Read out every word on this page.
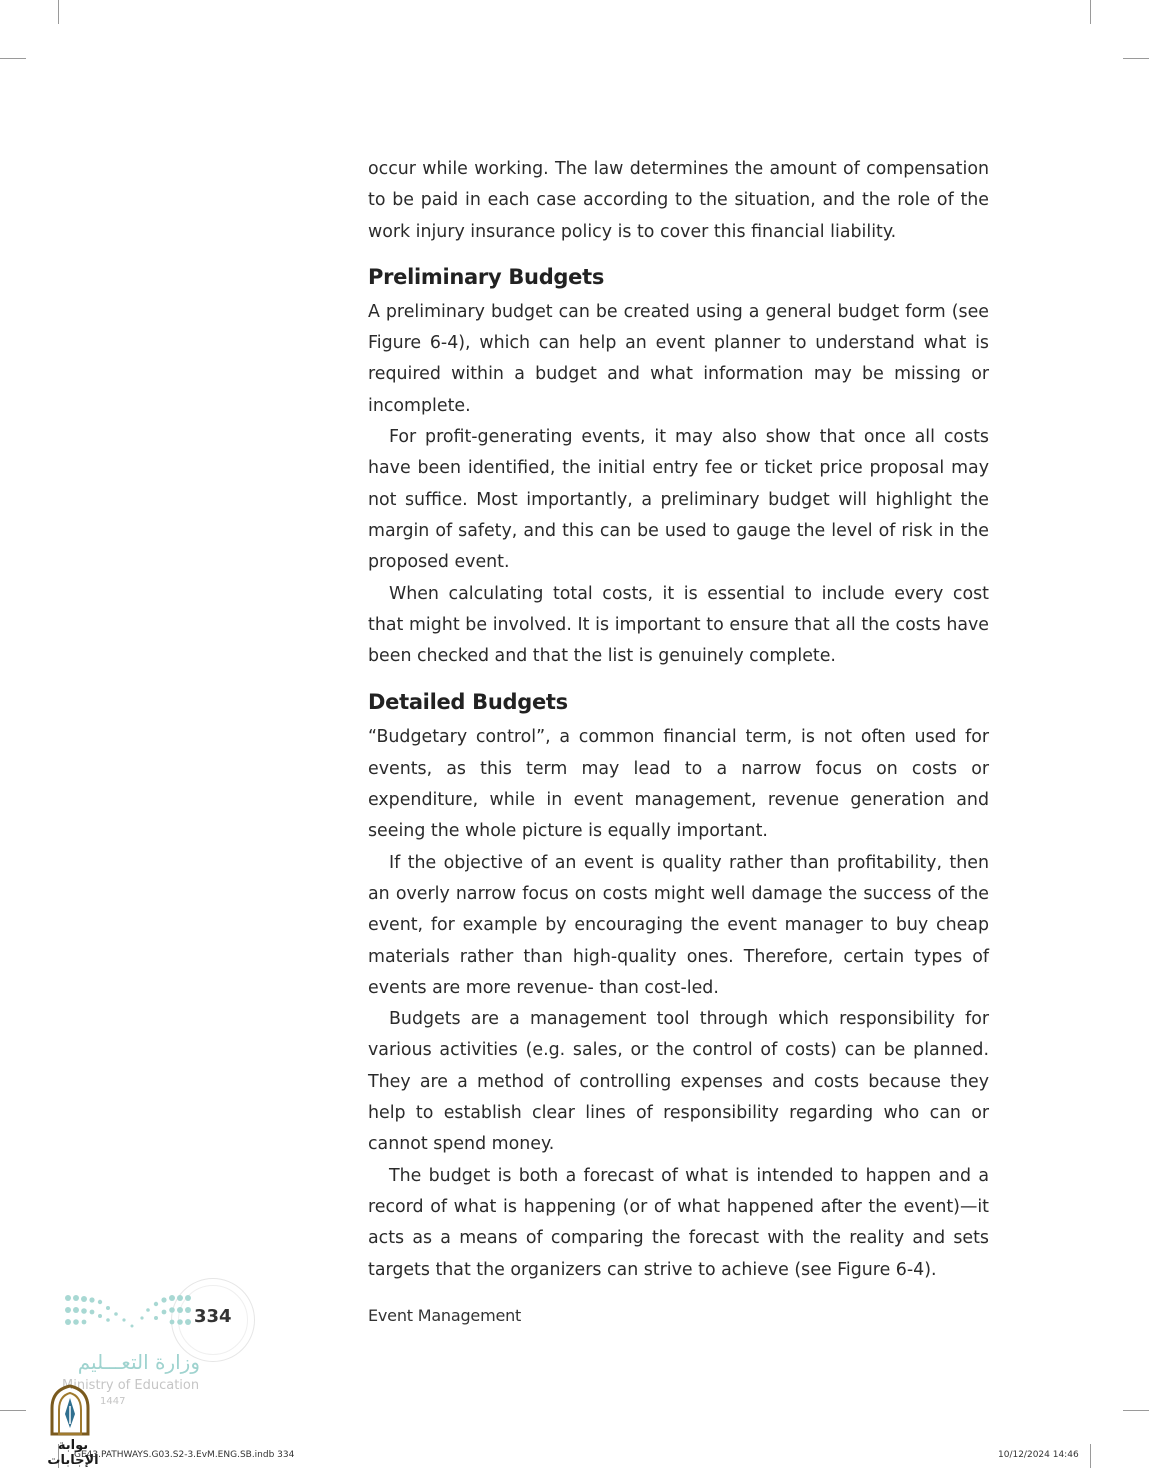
occur while working. The law determines the amount of compensation to be paid in each case according to the situation, and the role of the work injury insurance policy is to cover this financial liability.

Preliminary Budgets

A preliminary budget can be created using a general budget form (see Figure 6-4), which can help an event planner to understand what is required within a budget and what information may be missing or incomplete.

For profit-generating events, it may also show that once all costs have been identified, the initial entry fee or ticket price proposal may not suffice. Most importantly, a preliminary budget will highlight the margin of safety, and this can be used to gauge the level of risk in the proposed event.

When calculating total costs, it is essential to include every cost that might be involved. It is important to ensure that all the costs have been checked and that the list is genuinely complete.

Detailed Budgets

“Budgetary control”, a common financial term, is not often used for events, as this term may lead to a narrow focus on costs or expenditure, while in event management, revenue generation and seeing the whole picture is equally important.

If the objective of an event is quality rather than profitability, then an overly narrow focus on costs might well damage the success of the event, for example by encouraging the event manager to buy cheap materials rather than high-quality ones. Therefore, certain types of events are more revenue- than cost-led.

Budgets are a management tool through which responsibility for various activities (e.g. sales, or the control of costs) can be planned. They are a method of controlling expenses and costs because they help to establish clear lines of responsibility regarding who can or cannot spend money.

The budget is both a forecast of what is intended to happen and a record of what is happening (or of what happened after the event)—it acts as a means of comparing the forecast with the reality and sets targets that the organizers can strive to achieve (see Figure 6-4).

334	Event Management
وزارة التعـــليم
Ministry of Education
1447
بوابة الإجابات
GE43.PATHWAYS.G03.S2-3.EvM.ENG.SB.indb 334	10/12/2024 14:46
